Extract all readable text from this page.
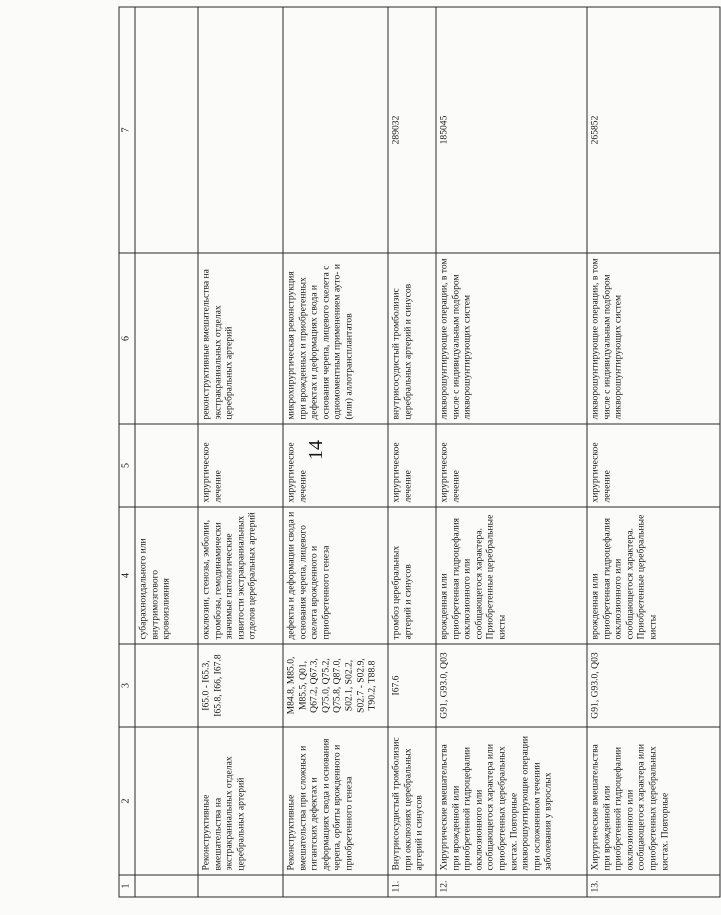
14
1	2	3	4	5	6	7
			субарахноидального или внутримозгового кровоизлияния			
	Реконструктивные вмешательства на экстракраниальных отделах церебральных артерий	I65.0 - I65.3, I65.8, I66, I67.8	окклюзии, стенозы, эмболии, тромбозы, гемодинамически значимые патологические извитости экстракраниальных отделов церебральных артерий	хирургическое лечение	реконструктивные вмешательства на экстракраниальных отделах церебральных артерий	
	Реконструктивные вмешательства при сложных и гигантских дефектах и деформациях свода и основания черепа, орбиты врожденного и приобретенного генеза	M84.8, M85.0, M85.5, Q01, Q67.2, Q67.3, Q75.0, Q75.2, Q75.8, Q87.0, S02.1, S02.2, S02.7 - S02.9, T90.2, T88.8	дефекты и деформации свода и основания черепа, лицевого скелета врожденного и приобретенного генеза	хирургическое лечение	микрохирургическая реконструкция при врожденных и приобретенных дефектах и деформациях свода и основания черепа, лицевого скелета с одномоментным применением ауто- и (или) аллотрансплантатов	
11.	Внутрисосудистый тромболизис при окклюзиях церебральных артерий и синусов	I67.6	тромбоз церебральных артерий и синусов	хирургическое лечение	внутрисосудистый тромболизис церебральных артерий и синусов	289032
12.	Хирургические вмешательства при врожденной или приобретенной гидроцефалии окклюзионного или сообщающегося характера или приобретенных церебральных кистах. Повторные ликворошунтирующие операции при осложненном течении заболевания у взрослых	G91, G93.0, Q03	врожденная или приобретенная гидроцефалия окклюзионного или сообщающегося характера. Приобретенные церебральные кисты	хирургическое лечение	ликворошунтирующие операции, в том числе с индивидуальным подбором ликворошунтирующих систем	185045
13.	Хирургические вмешательства при врожденной или приобретенной гидроцефалии окклюзионного или сообщающегося характера или приобретенных церебральных кистах. Повторные	G91, G93.0, Q03	врожденная или приобретенная гидроцефалия окклюзионного или сообщающегося характера. Приобретенные церебральные кисты	хирургическое лечение	ликворошунтирующие операции, в том числе с индивидуальным подбором ликворошунтирующих систем	265852
